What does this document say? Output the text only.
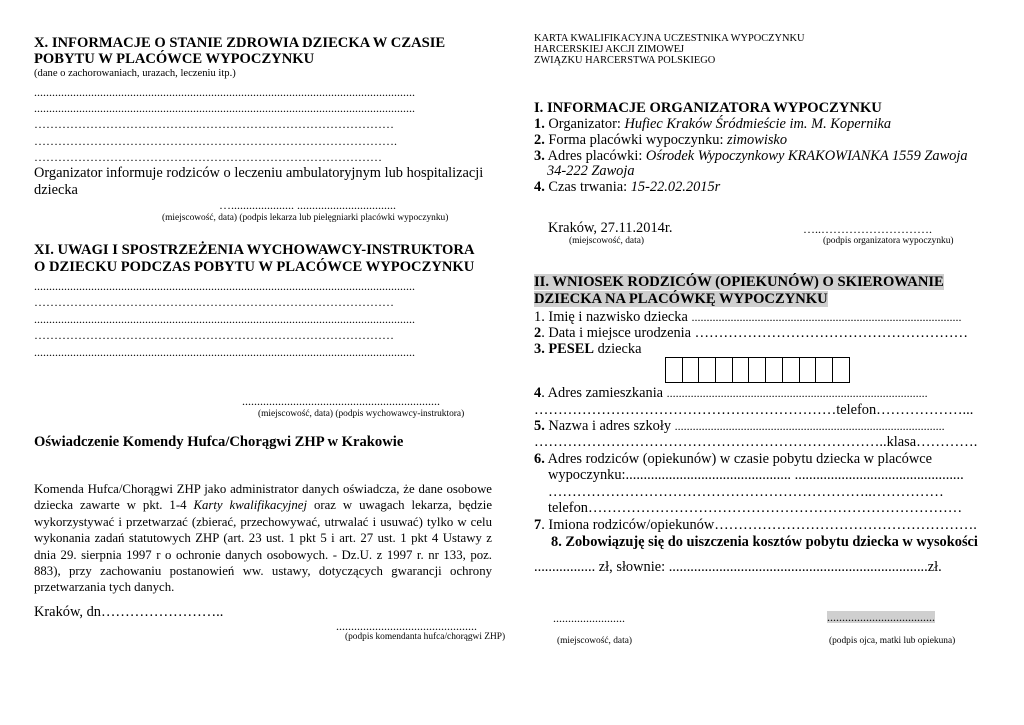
X. INFORMACJE O STANIE ZDROWIA DZIECKA W CZASIE
POBYTU W PLACÓWCE WYPOCZYNKU
(dane o zachorowaniach, urazach, leczeniu itp.)
...............................................................................................................................
...............................................................................................................................
………………………………………………………………………………
……………………………………………………………………………….
……………………………………………………………………………
Organizator informuje rodziców o leczeniu ambulatoryjnym lub hospitalizacji
dziecka
…..................... .................................
(miejscowość, data) (podpis lekarza lub pielęgniarki placówki wypoczynku)
XI. UWAGI I SPOSTRZEŻENIA WYCHOWAWCY-INSTRUKTORA
O DZIECKU PODCZAS POBYTU W PLACÓWCE WYPOCZYNKU
...............................................................................................................................
………………………………………………………………………………
...............................................................................................................................
………………………………………………………………………………
...............................................................................................................................
..................................................................
(miejscowość, data) (podpis wychowawcy-instruktora)
Oświadczenie Komendy Hufca/Chorągwi ZHP w Krakowie
Komenda Hufca/Chorągwi ZHP jako administrator danych oświadcza, że dane osobowe dziecka zawarte w pkt. 1-4 Karty kwalifikacyjnej oraz w uwagach lekarza, będzie wykorzystywać i przetwarzać (zbierać, przechowywać, utrwalać i usuwać) tylko w celu wykonania zadań statutowych ZHP (art. 23 ust. 1 pkt 5 i art. 27 ust. 1 pkt 4 Ustawy z dnia 29. sierpnia 1997 r o ochronie danych osobowych. - Dz.U. z 1997 r. nr 133, poz. 883), przy zachowaniu postanowień ww. ustawy, dotyczących gwarancji ochrony przetwarzania tych danych.
Kraków, dn……………………..
...............................................
(podpis komendanta hufca/chorągwi ZHP)
KARTA KWALIFIKACYJNA UCZESTNIKA WYPOCZYNKU
HARCERSKIEJ AKCJI ZIMOWEJ
ZWIĄZKU HARCERSTWA POLSKIEGO
I. INFORMACJE ORGANIZATORA WYPOCZYNKU
1. Organizator: Hufiec Kraków Śródmieście im. M. Kopernika
2. Forma placówki wypoczynku: zimowisko
3. Adres placówki: Ośrodek Wypoczynkowy KRAKOWIANKA 1559 Zawoja
34-222 Zawoja
4. Czas trwania: 15-22.02.2015r
Kraków, 27.11.2014r.	…..……………………….
(miejscowość, data)	(podpis organizatora wypoczynku)
II. WNIOSEK RODZICÓW (OPIEKUNÓW) O SKIEROWANIE
DZIECKA NA PLACÓWKĘ WYPOCZYNKU
1. Imię i nazwisko dziecka ..........................................................................................
2. Data i miejsce urodzenia …………………………………………………
3. PESEL dziecka
4. Adres zamieszkania .......................................................................................
………………………………………………………telefon………………...
5. Nazwa i adres szkoły ..........................................................................................
………………………………………………………………..klasa………….
6. Adres rodziców (opiekunów) w czasie pobytu dziecka w placówce
wypoczynku:.............................................. ...............................................
…………………………………………………………..……………
telefon……………………………………………………………………
7. Imiona rodziców/opiekunów……………………………………………….
8. Zobowiązuję się do uiszczenia kosztów pobytu dziecka w wysokości
................. zł, słownie: ........................................................................zł.
........................	....................................
(miejscowość, data)	(podpis ojca, matki lub opiekuna)
